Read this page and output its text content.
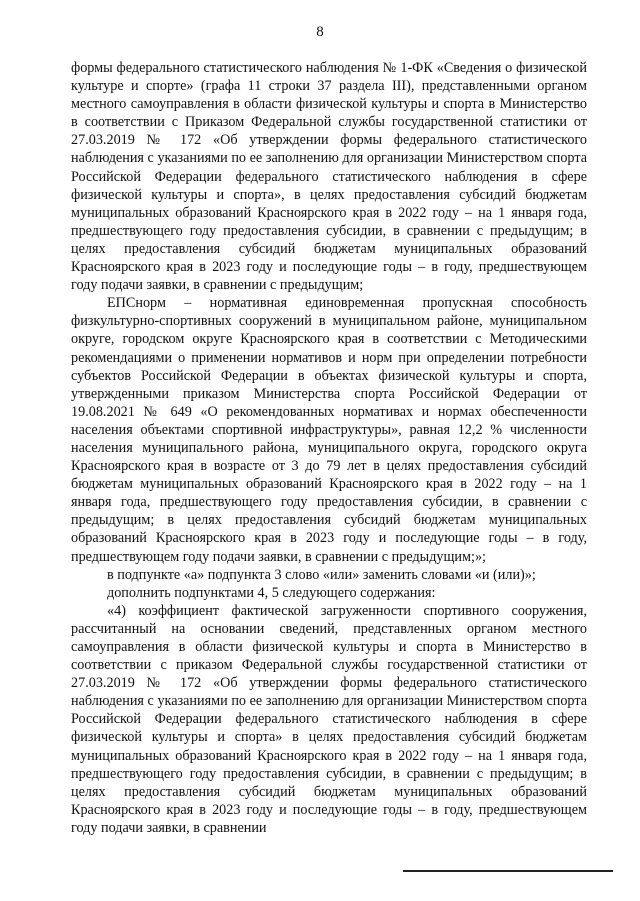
8

формы федерального статистического наблюдения № 1-ФК «Сведения о физической культуре и спорте» (графа 11 строки 37 раздела III), представленными органом местного самоуправления в области физической культуры и спорта в Министерство в соответствии с Приказом Федеральной службы государственной статистики от 27.03.2019 № 172 «Об утверждении формы федерального статистического наблюдения с указаниями по ее заполнению для организации Министерством спорта Российской Федерации федерального статистического наблюдения в сфере физической культуры и спорта», в целях предоставления субсидий бюджетам муниципальных образований Красноярского края в 2022 году – на 1 января года, предшествующего году предоставления субсидии, в сравнении с предыдущим; в целях предоставления субсидий бюджетам муниципальных образований Красноярского края в 2023 году и последующие годы – в году, предшествующем году подачи заявки, в сравнении с предыдущим;

ЕПСнорм – нормативная единовременная пропускная способность физкультурно-спортивных сооружений в муниципальном районе, муниципальном округе, городском округе Красноярского края в соответствии с Методическими рекомендациями о применении нормативов и норм при определении потребности субъектов Российской Федерации в объектах физической культуры и спорта, утвержденными приказом Министерства спорта Российской Федерации от 19.08.2021 № 649 «О рекомендованных нормативах и нормах обеспеченности населения объектами спортивной инфраструктуры», равная 12,2 % численности населения муниципального района, муниципального округа, городского округа Красноярского края в возрасте от 3 до 79 лет в целях предоставления субсидий бюджетам муниципальных образований Красноярского края в 2022 году – на 1 января года, предшествующего году предоставления субсидии, в сравнении с предыдущим; в целях предоставления субсидий бюджетам муниципальных образований Красноярского края в 2023 году и последующие годы – в году, предшествующем году подачи заявки, в сравнении с предыдущим;»;

в подпункте «а» подпункта 3 слово «или» заменить словами «и (или)»;

дополнить подпунктами 4, 5 следующего содержания:

«4) коэффициент фактической загруженности спортивного сооружения, рассчитанный на основании сведений, представленных органом местного самоуправления в области физической культуры и спорта в Министерство в соответствии с приказом Федеральной службы государственной статистики от 27.03.2019 № 172 «Об утверждении формы федерального статистического наблюдения с указаниями по ее заполнению для организации Министерством спорта Российской Федерации федерального статистического наблюдения в сфере физической культуры и спорта» в целях предоставления субсидий бюджетам муниципальных образований Красноярского края в 2022 году – на 1 января года, предшествующего году предоставления субсидии, в сравнении с предыдущим; в целях предоставления субсидий бюджетам муниципальных образований Красноярского края в 2023 году и последующие годы – в году, предшествующем году подачи заявки, в сравнении
